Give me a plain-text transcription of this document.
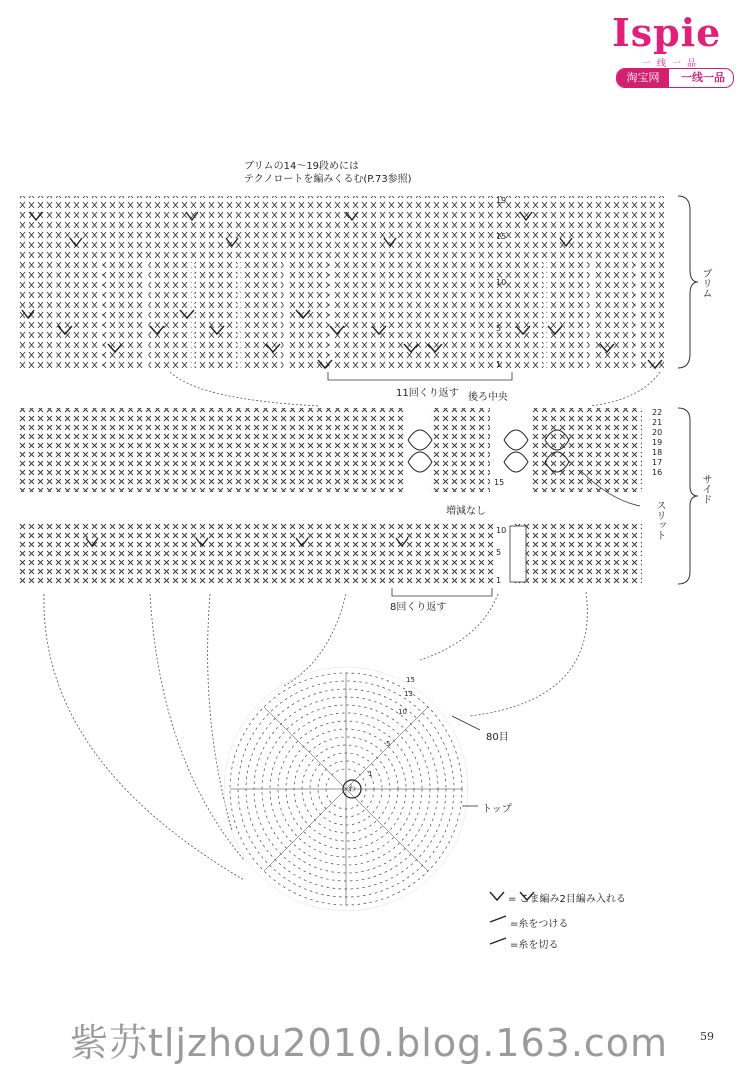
Ispie
一线一品
淘宝网	一线一品
ブリムの14〜19段めには
テクノロートを編みくるむ(P.73参照)
ブリム
サイド
スリット
トップ
11回くり返す
8回くり返す
後ろ中央
増減なし
80目
わ
19
15
10
5
1
22
21
20
19
18
17
16
15
10
5
1
15
13
10
5
1
= こま編み2目編み入れる
=糸をつける
=糸を切る
紫苏tljzhou2010.blog.163.com	59
